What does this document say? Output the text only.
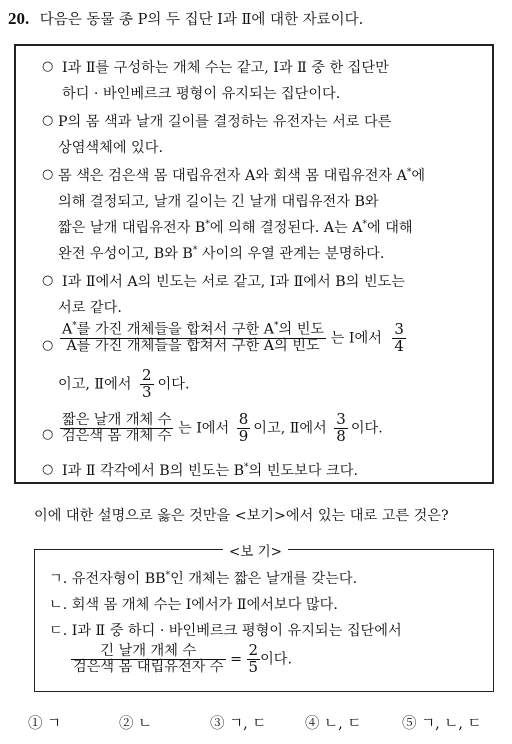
20. 다음은 동물 종 P의 두 집단 Ⅰ과 Ⅱ에 대한 자료이다.
○ Ⅰ과 Ⅱ를 구성하는 개체 수는 같고, Ⅰ과 Ⅱ 중 한 집단만
하디 · 바인베르크 평형이 유지되는 집단이다.
○ P의 몸 색과 날개 길이를 결정하는 유전자는 서로 다른
상염색체에 있다.
○ 몸 색은 검은색 몸 대립유전자 A와 회색 몸 대립유전자 A*에
의해 결정되고, 날개 길이는 긴 날개 대립유전자 B와
짧은 날개 대립유전자 B*에 의해 결정된다. A는 A*에 대해
완전 우성이고, B와 B* 사이의 우열 관계는 분명하다.
○ Ⅰ과 Ⅱ에서 A의 빈도는 서로 같고, Ⅰ과 Ⅱ에서 B의 빈도는
서로 같다.
○ $\frac{A^*를 가진 개체들을 합쳐서 구한 A^*의 빈도}{\text{A를 가진 개체들을 합쳐서 구한 A의 빈도}}$ 는 Ⅰ에서 $\frac{3}{4}$
이고, Ⅱ에서 $\frac{2}{3}$ 이다.
○ $\frac{\text{짧은 날개 개체 수}}{\text{검은색 몸 개체 수}}$ 는 Ⅰ에서 $\frac{8}{9}$ 이고, Ⅱ에서 $\frac{3}{8}$ 이다.
○ Ⅰ과 Ⅱ 각각에서 B의 빈도는 B*의 빈도보다 크다.
이에 대한 설명으로 옳은 것만을 <보기>에서 있는 대로 고른 것은?
<보 기>
ㄱ. 유전자형이 BB*인 개체는 짧은 날개를 갖는다.
ㄴ. 회색 몸 개체 수는 Ⅰ에서가 Ⅱ에서보다 많다.
ㄷ. Ⅰ과 Ⅱ 중 하디 · 바인베르크 평형이 유지되는 집단에서
$\frac{\text{긴 날개 개체 수}}{\text{검은색 몸 대립유전자 수}} = \frac{2}{5}$ 이다.
① ㄱ	② ㄴ	③ ㄱ, ㄷ	④ ㄴ, ㄷ	⑤ ㄱ, ㄴ, ㄷ
